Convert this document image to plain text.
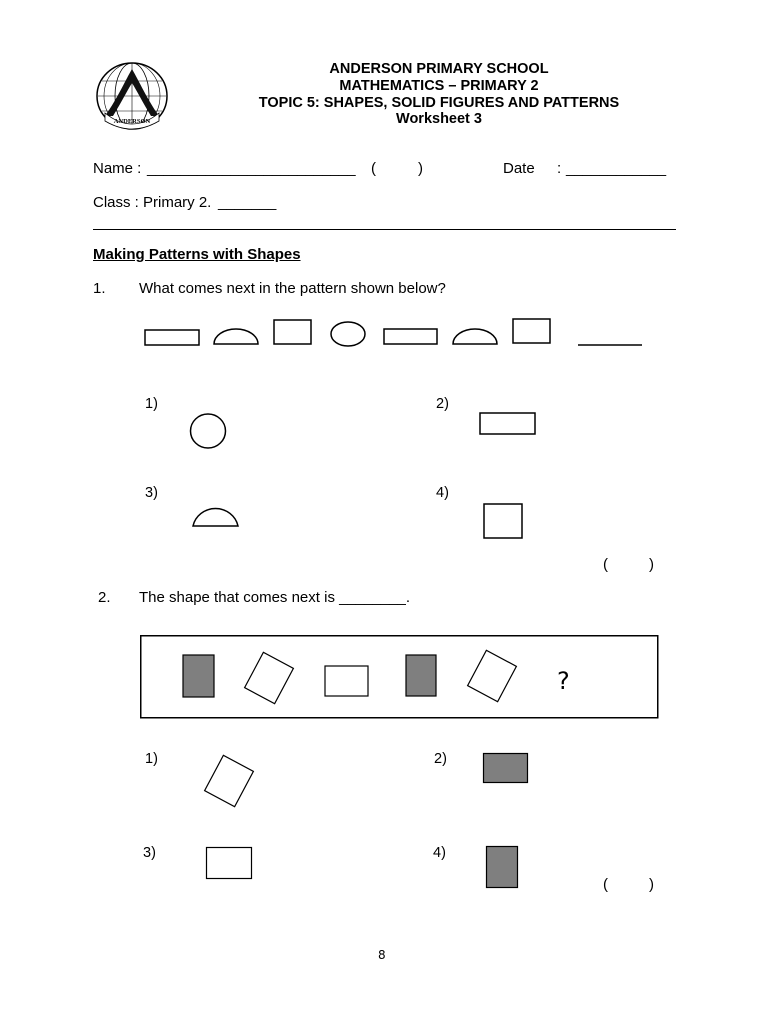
ANDERSON
ANDERSON PRIMARY SCHOOL
MATHEMATICS – PRIMARY 2
TOPIC 5: SHAPES, SOLID FIGURES AND PATTERNS
Worksheet 3
Name : _________________________ (	)	Date : ____________
Class : Primary 2. _______
Making Patterns with Shapes
1. What comes next in the pattern shown below?
1)	2)
3)	4)
(	)
2. The shape that comes next is ________.
?
1)	2)
3)	4)
(	)
8
